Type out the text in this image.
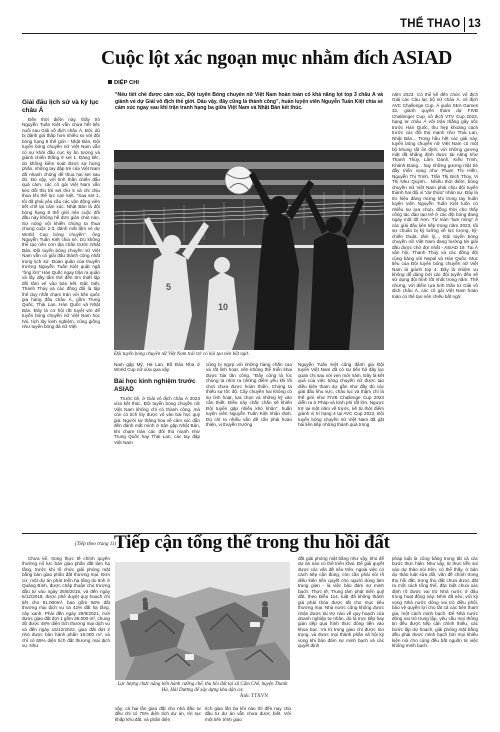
THỂ THAO 13
Cuộc lột xác ngoạn mục nhằm đích ASIAD
DIỆP CHI
Giải đấu lịch sử và kỳ lục châu Á
Đến thời điểm này, thầy trò Nguyễn Tuấn Kiệt vẫn chưa hết tiếc nuối sau Giải vô địch châu Á. Bởi, dù bị đánh giá thấp hơn nhiều so với đội bóng hạng 8 thế giới - Nhật Bản, Đội tuyển bóng chuyền nữ Việt Nam vẫn có sự khởi đầu cực kỳ ấn tượng và giành chiến thắng ở set 1. Đáng tiếc, do không kiểm soát được sự hưng phấn, những tay đập trẻ của Việt Nam đã nhanh chóng để thua hai set sau đó. Dù vậy, với tinh thần chiến đấu quả cảm, các cô gái Việt Nam vẫn kéo đối thủ tới set thứ 5 và chỉ chịu thua khi thể lực cạn kiệt. “Sau set 1, tôi đã phải yêu cầu các vận động viên tiết chế lại cảm xúc. Nhật Bản là đội bóng hạng 8 thế giới nên cuộc đối đầu này không hề đơn giản chút nào. Sự nóng vội khiến chúng ta thua chung cuộc 2-3, đánh mất tấm vé dự World Cup bóng chuyền”, ông Nguyễn Tuấn Kiệt chia sẻ. Dù không thể tạo nên cơn địa chấn trước Nhật Bản, Đội tuyển bóng chuyền nữ Việt Nam vẫn có giải đấu thành công nhất trong lịch sử. Đoàn quân của thuyền trưởng Nguyễn Tuấn Kiệt quật ngã “ông lớn” Hàn Quốc ngay trận ra quân và lấy đầy tấm thẻ đến tìm thiết lập đối tầm vé vào bán kết. Đặc biệt, Thanh Thúy và các đồng đội là tập thể duy nhất chạm trán với bốn quốc gia hàng đầu châu Á, gồm Trung Quốc, Thái Lan, Hàn Quốc và Nhật Bản. Đây là cơ hội rất tuyệt vời để tuyển bóng chuyền nữ Việt Nam học hỏi, tích lũy kinh nghiệm, cũng giống như tuyển bóng đá nữ Việt
“Nếu tiết chế được cảm xúc, Đội tuyển Bóng chuyền nữ Việt Nam hoàn toàn có khả năng lọt top 3 châu Á và giành vé dự Giải vô địch thế giới. Dấu vậy, đây cũng là thành công”, huấn luyện viên Nguyễn Tuấn Kiệt chia sẻ cảm xúc ngay sau khi trận tranh hạng ba giữa Việt Nam và Nhật Bản kết thúc.
5
10
Đội tuyển bóng chuyền nữ Việt Nam trải trẻ có hội tạo nên bất ngờ.
Nam gặp Mỹ, Hà Lan, Bồ Đào Nha ở World Cup nữ vừa qua vậy.
Bài học kinh nghiệm trước ASIAD
Trước tiê, ở Giải vô địch châu Á 2023 vừa kết thúc, Đội tuyển bóng chuyền nữ Việt Nam không chỉ có thành công, mà còn có tích lũy được vô vàn bài học quý giá. Người sự thăng hoa về cảm xúc dẫn đến đánh mất mình ở trận gặp Nhật Bản, khi chạm trán các đối thủ mạnh như Trung Quốc hay Thái Lan, các tay đập Việt Nam
cũng bị ngợp với những hàng chắn cao và rất linh hoạt, nên không thể triển khai được bài tấn công. “Đây cũng là lúc chúng ta nhìn ra những điểm yếu khi lối chơi chưa được hoàn thiện. Chúng ta thiếu sự tốc độ. Cây chuyền hai không có sự linh hoạt, lựa chọn và những kỹ xảo cần thiết. Điều này chắc chắn sẽ khiến Đội tuyển gặp nhiều khó khăn”, huấn luyện viên Nguyễn Tuấn Kiệt nhận định. Dù chỉ ra nhiều vấn đề cần phải hoàn thiện, vị thuyền trưởng
Nguyễn Tuấn Kiệt cũng đánh giá Đội tuyển Việt Nam đã có sự tiến bộ đây lạc quan chị sau với vẹn mới năm. Đây là kết quả của việc bóng chuyền nữ được tạo điều kiện tham dự gần như đầy đủ các giải đấu khu vực, châu lục và thậm chí là thế giới như FIVB Challenge Cup 2023 diễn ra ở Pháp và kinh phí rất lớn. Ngược trở lại một năm về trước, kế từ thời điểm giành vị trí hạng 4 tại AVC Cup 2022, Đội tuyển bóng chuyền nữ Việt Nam đã gặt hái liên tiếp những thành quả trong
năm 2023. Có thể kể đến chức vô địch Giải các Câu lạc bộ nữ châu Á, vô địch AVC Challenge Cup, Á quân SEA Games 32, giành quyền tham dự FIVB Challenger Cup, vô địch VTV Cup 2023, hạng tư châu Á với trận thắng gây sốc trước Hàn Quốc, thu hẹp khoảng cách trước các đối thủ mạnh như Thái Lan, Nhật Bản... Trong hầu hết các giải này, tuyển bóng chuyền nữ Việt Nam có một bộ khung rất ổn định, với những gương mặt đã khẳng định được tài năng như Thanh Thúy, Lâm Oanh, Kiều Trinh, Khánh Đang... hay những gương mặt trẻ đầy triển vọng như Phạm Thị Hiền, Nguyễn Thị Trinh, Trần Thị Bích Thủy, Vi Thị Như Quỳnh... Nhiều thời điểm, bóng chuyền nữ Việt Nam phải chịu đội tuyển thành hai đội vì “dư thừa” nhân sự. Đây là tín hiệu đáng mừng khi trong tay huấn luyện viên Nguyễn Tuấn Kiệt luôn có nhiều sự lựa chọn, đồng thời cho thấy công tác đào tạo trẻ ở các đội bóng đang ngày một tốt hơn. Từ màn “lam nóng” ở các giải đấu liên tiếp trong năm 2023, tôi sự chuẩn bị kỹ lưỡng về lực lượng, kỹ-chiến thuật, tâm lý..., Đội tuyển bóng chuyền nữ Việt Nam đang hướng tới giải đấu được chờ đợi nhất - ASIAD 19. Tại Á vận hội, Thanh Thúy và các đồng đội cùng bảng với Nepal và Hàn Quốc. Mục tiêu của Đội tuyển bóng chuyền nữ Việt Nam là giành top 4. Đây là nhiệm vụ không dễ dàng bởi các đội tuyển đều sẽ sử dụng đội hình tốt nhất trong năm. Thế nhưng, với điểm tựa tinh thần từ Giải vô địch châu Á, các cô gái Việt Nam hoàn toàn có thể tạo nên chiếu bất ngờ.
(Tiếp theo trang 11)
Tiếp cận tổng thể trong thu hồi đất
Chưa kể, trong thực tế chính quyền thường nổ lực bàn giao phần đất làm hạ tầng, trước khi tổ chức giải phóng mặt bằng bàn giao phần đất thương mại. Đơn cử, một dự án phát triển hạ tầng do tỉnh ở Quảng Bình, được chấp thuận chủ trương đầu tư vào ngày 26/8/2016, và đến ngày 5/12/2018, được phê duyệt quy hoạch chi tiết cho 81.000m², bao gồm 56% đất thương mại dịch vụ và 42% đất hạ tầng, cây xanh. Phải đến ngày 29/9/2021, mới được giao đất đợt 1 gồm 36.000 m², chung độ được 48% diện tích thương mại dịch vụ và đến ngày 15/12/2022, giao đất đợt 2 nhỏ được bàn hành phần 18.000 m², và chỉ có 65% diện tích đất thương mại dịch vụ. Như
Lực lượng chức năng tiến hành cưỡng chế, thu hồi đất tại xã Cẩm Chế, huyện Thanh Hà, Hải Dương để xây dựng khu dân cư.
Ảnh: TTXVN
vậy, cả hai lần giao đất cho nhà đầu tư đều chỉ có 75% diện tích dự án, rời rạc khắp khu đất, và phần diện
tích giao lần ba khi nào thì đến nay chủ đầu tư dự án vẫn chưa được biết. Với một tiến trình giao
đất giải phóng mặt bằng như vậy, khó để dự án nào có thể triển khai. Để giải quyết được các vấn đề nêu trên, ngoài việc có cách tiếp cận đúng, còn cần phải nói rõ điều kiện tiên quyết cho người dùng làm trung gian - là việc bảo đảm sự minh bạch. Thực tế, Trung tâm phát triển quỹ đất, theo Điều 114, luật đã không thành giá phải thỏa được tất cho mục tiêu thương mại. Nhà nước cũng không được nhận được tài trợ nào về quy hoạch của doanh nghiệp tư nhân, dù là trực tiếp hay gián tiếp qua hình thức đóng tiền vào khoa bạc. Và trị trong giao chỉ được tòn trọng, và được mọi thành phần xã hội kỳ vọng khi bảo đảm sự minh bạch và các quyết định
pháp luật là công bằng trong tất cả các bước thực hiện. Như vậy, từ thực tiễn soi vào dự thảo nói trên, có thể thấy, ở bản dự thảo luật sửa đổi, vấn đề chính trong thu hồi đất, trong thu đất chưa được đặt ra một cách tổng thể, đặc biệt chưa xác định rõ được vai trò Nhà nước ở đâu trong hoạt động này. Nhìn đã nêu, với kỳ vọng Nhà nước đóng vai trò điều phối, bảo vệ quyền lợi cho tất cả các bên tham gia, một cách minh bạch. Để Nhà nước đóng vai trò trung lập, yêu cầu mọi thông tin đều được tiếp cận chính thiếu, các bước lập dự hoạch, giải phóng mặt bằng đều phải được minh bạch bởi mọi khiếu kiện nói cho cùng đều bắt nguồn từ việc không minh bạch.
